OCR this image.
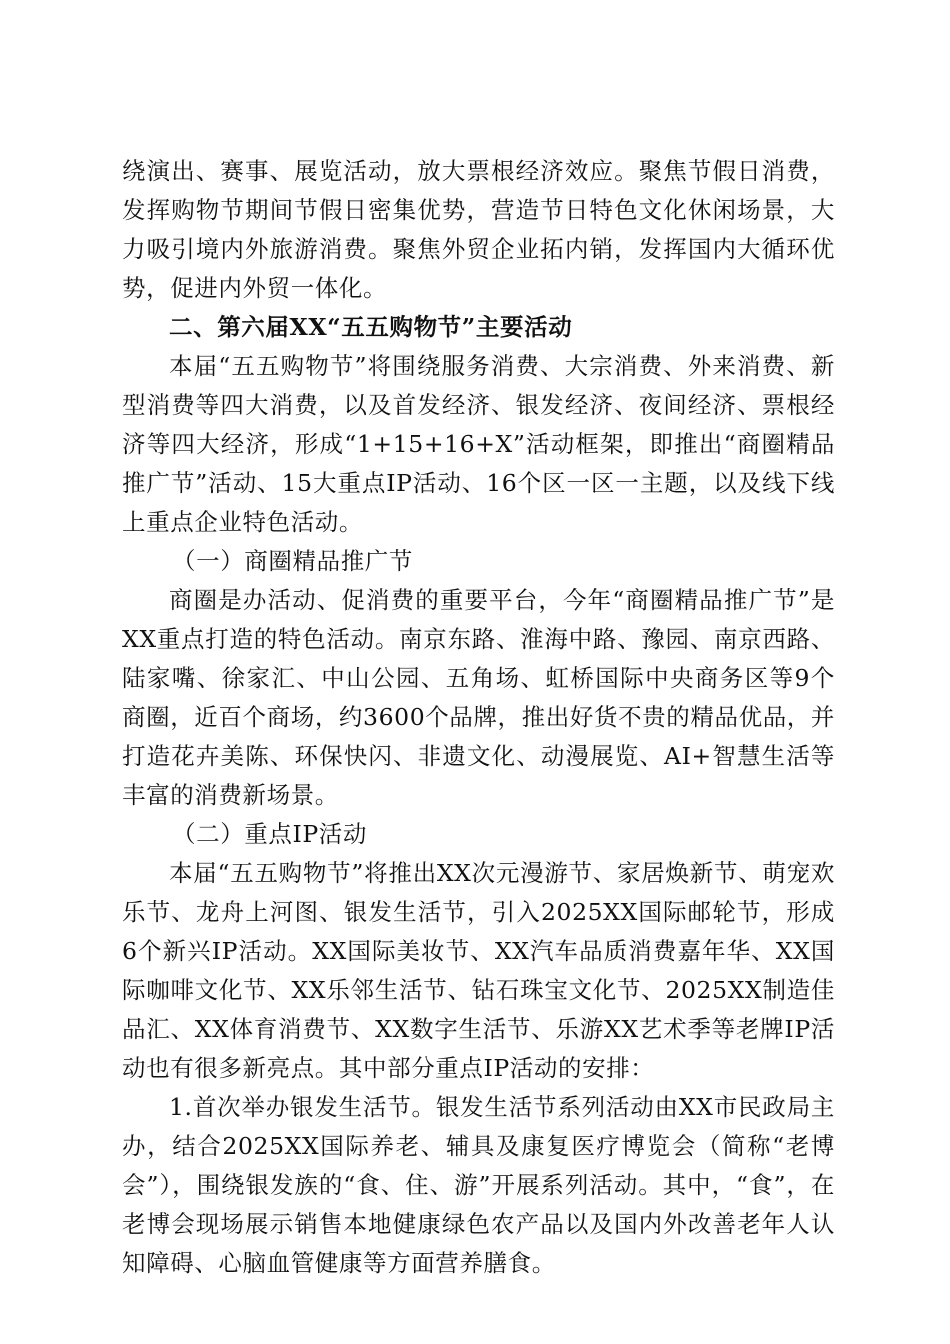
绕演出、赛事、展览活动，放大票根经济效应。聚焦节假日消费，发挥购物节期间节假日密集优势，营造节日特色文化休闲场景，大力吸引境内外旅游消费。聚焦外贸企业拓内销，发挥国内大循环优势，促进内外贸一体化。

二、第六届XX“五五购物节”主要活动

本届“五五购物节”将围绕服务消费、大宗消费、外来消费、新型消费等四大消费，以及首发经济、银发经济、夜间经济、票根经济等四大经济，形成“1+15+16+X”活动框架，即推出“商圈精品推广节”活动、15大重点IP活动、16个区一区一主题，以及线下线上重点企业特色活动。

（一）商圈精品推广节

商圈是办活动、促消费的重要平台，今年“商圈精品推广节”是XX重点打造的特色活动。南京东路、淮海中路、豫园、南京西路、陆家嘴、徐家汇、中山公园、五角场、虹桥国际中央商务区等9个商圈，近百个商场，约3600个品牌，推出好货不贵的精品优品，并打造花卉美陈、环保快闪、非遗文化、动漫展览、AI+智慧生活等丰富的消费新场景。

（二）重点IP活动

本届“五五购物节”将推出XX次元漫游节、家居焕新节、萌宠欢乐节、龙舟上河图、银发生活节，引入2025XX国际邮轮节，形成6个新兴IP活动。XX国际美妆节、XX汽车品质消费嘉年华、XX国际咖啡文化节、XX乐邻生活节、钻石珠宝文化节、2025XX制造佳品汇、XX体育消费节、XX数字生活节、乐游XX艺术季等老牌IP活动也有很多新亮点。其中部分重点IP活动的安排：

1.首次举办银发生活节。银发生活节系列活动由XX市民政局主办，结合2025XX国际养老、辅具及康复医疗博览会（简称“老博会”），围绕银发族的“食、住、游”开展系列活动。其中，“食”，在老博会现场展示销售本地健康绿色农产品以及国内外改善老年人认知障碍、心脑血管健康等方面营养膳食。
